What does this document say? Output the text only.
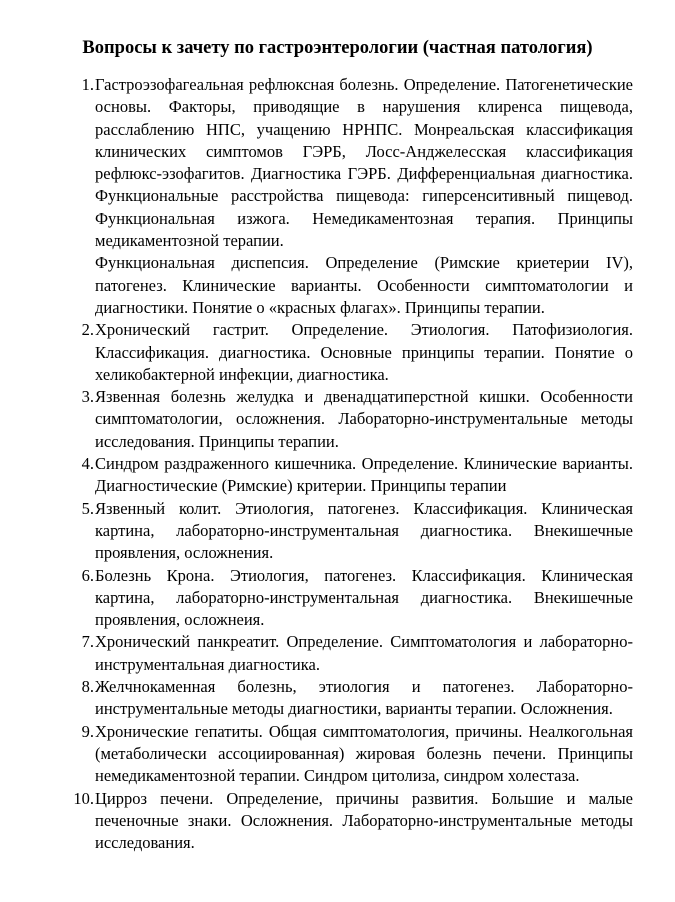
Вопросы к зачету по гастроэнтерологии (частная патология)
1. Гастроэзофагеальная рефлюксная болезнь. Определение. Патогенетические основы. Факторы, приводящие в нарушения клиренса пищевода, расслаблению НПС, учащению НРНПС. Монреальская классификация клинических симптомов ГЭРБ, Лосс-Анджелесская классификация рефлюкс-эзофагитов. Диагностика ГЭРБ. Дифференциальная диагностика. Функциональные расстройства пищевода: гиперсенситивный пищевод. Функциональная изжога. Немедикаментозная терапия. Принципы медикаментозной терапии.
Функциональная диспепсия. Определение (Римские криетерии IV), патогенез. Клинические варианты. Особенности симптоматологии и диагностики. Понятие о «красных флагах». Принципы терапии.
2. Хронический гастрит. Определение. Этиология. Патофизиология. Классификация. диагностика. Основные принципы терапии. Понятие о хеликобактерной инфекции, диагностика.
3. Язвенная болезнь желудка и двенадцатиперстной кишки. Особенности симптоматологии, осложнения. Лабораторно-инструментальные методы исследования. Принципы терапии.
4. Синдром раздраженного кишечника. Определение. Клинические варианты. Диагностические (Римские) критерии. Принципы терапии
5. Язвенный колит. Этиология, патогенез. Классификация. Клиническая картина, лабораторно-инструментальная диагностика. Внекишечные проявления, осложнения.
6. Болезнь Крона. Этиология, патогенез. Классификация. Клиническая картина, лабораторно-инструментальная диагностика. Внекишечные проявления, осложнеия.
7. Хронический панкреатит. Определение. Симптоматология и лабораторно-инструментальная диагностика.
8. Желчнокаменная болезнь, этиология и патогенез. Лабораторно-инструментальные методы диагностики, варианты терапии. Осложнения.
9. Хронические гепатиты. Общая симптоматология, причины. Неалкогольная (метаболически ассоциированная) жировая болезнь печени. Принципы немедикаментозной терапии. Синдром цитолиза, синдром холестаза.
10. Цирроз печени. Определение, причины развития. Большие и малые печеночные знаки. Осложнения. Лабораторно-инструментальные методы исследования.
